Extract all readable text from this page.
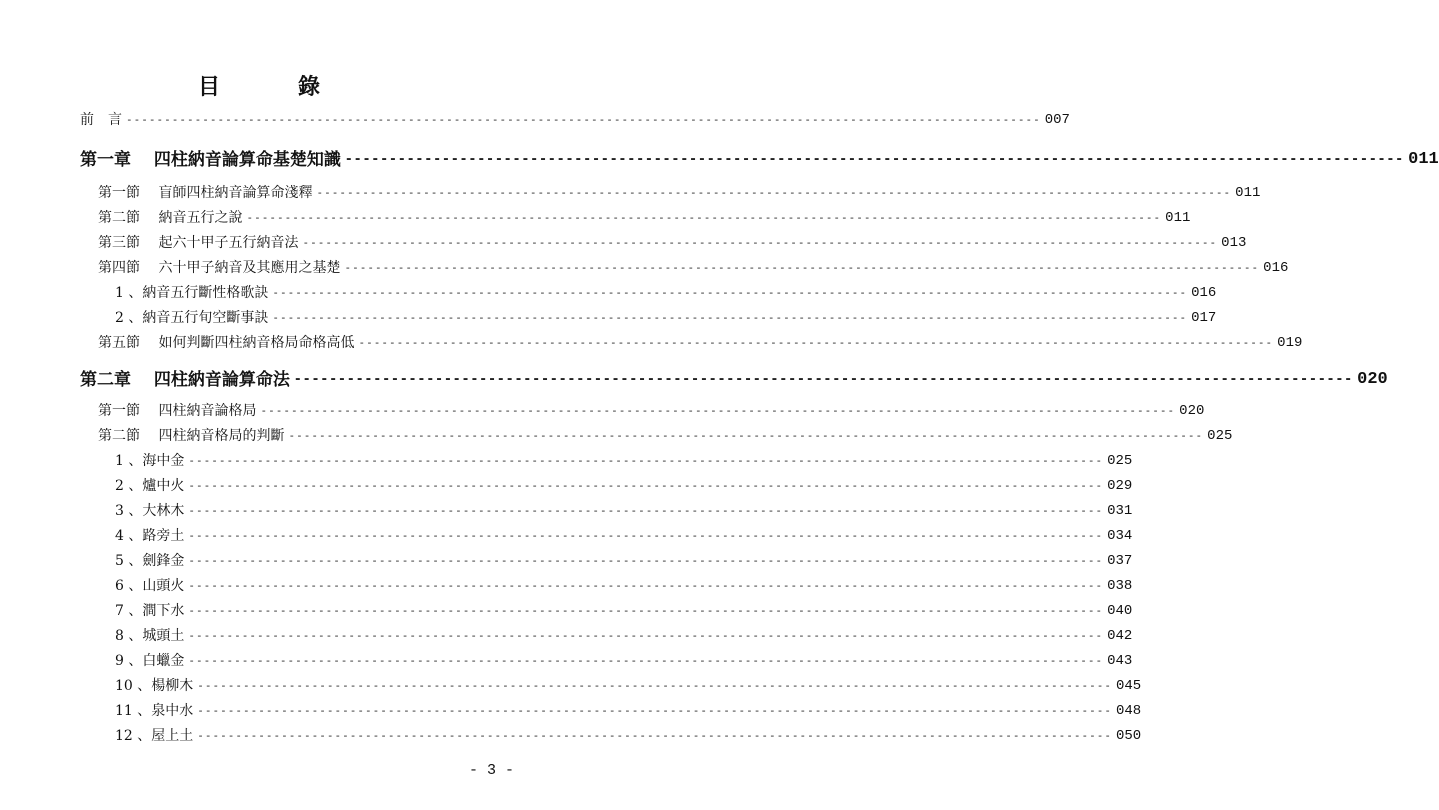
目　錄
前　言 ------------------------------------------------------------------------------------------------------------------------ 007
第一章　 四柱納音論算命基楚知識 ------------------------------------------------------------------------------------------------------------------------ 011
第一節　 盲師四柱納音論算命淺釋 ------------------------------------------------------------------------------------------------------------------------ 011
第二節　 納音五行之說 ------------------------------------------------------------------------------------------------------------------------ 011
第三節　 起六十甲子五行納音法 ------------------------------------------------------------------------------------------------------------------------ 013
第四節　 六十甲子納音及其應用之基楚 ------------------------------------------------------------------------------------------------------------------------ 016
1 、納音五行斷性格歌訣 ------------------------------------------------------------------------------------------------------------------------ 016
2 、納音五行旬空斷事訣 ------------------------------------------------------------------------------------------------------------------------ 017
第五節　 如何判斷四柱納音格局命格高低 ------------------------------------------------------------------------------------------------------------------------ 019
第二章　 四柱納音論算命法 ------------------------------------------------------------------------------------------------------------------------ 020
第一節　 四柱納音論格局 ------------------------------------------------------------------------------------------------------------------------ 020
第二節　 四柱納音格局的判斷 ------------------------------------------------------------------------------------------------------------------------ 025
1 、海中金 ------------------------------------------------------------------------------------------------------------------------ 025
2 、爐中火 ------------------------------------------------------------------------------------------------------------------------ 029
3 、大林木 ------------------------------------------------------------------------------------------------------------------------ 031
4 、路旁土 ------------------------------------------------------------------------------------------------------------------------ 034
5 、劍鋒金 ------------------------------------------------------------------------------------------------------------------------ 037
6 、山頭火 ------------------------------------------------------------------------------------------------------------------------ 038
7 、澗下水 ------------------------------------------------------------------------------------------------------------------------ 040
8 、城頭土 ------------------------------------------------------------------------------------------------------------------------ 042
9 、白蠟金 ------------------------------------------------------------------------------------------------------------------------ 043
10 、楊柳木 ------------------------------------------------------------------------------------------------------------------------ 045
11 、泉中水 ------------------------------------------------------------------------------------------------------------------------ 048
12 、屋上土 ------------------------------------------------------------------------------------------------------------------------ 050
- 3 -
